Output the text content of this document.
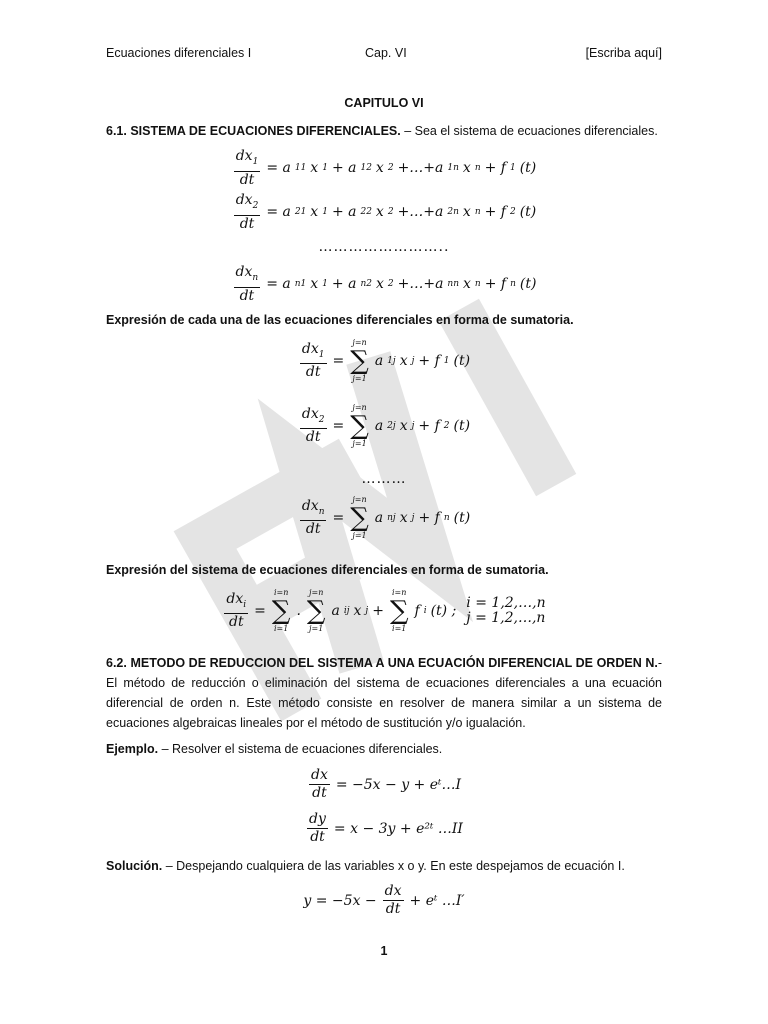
Ecuaciones diferenciales I	Cap. VI	[Escriba aquí]
CAPITULO VI
6.1. SISTEMA DE ECUACIONES DIFERENCIALES. – Sea el sistema de ecuaciones diferenciales.
$\frac{dx_1}{dt} = a$ 11 x 1 + a 12 x 2 +…+a 1n x n + f 1 (t)
$\frac{dx_2}{dt} = a$ 21 x 1 + a 22 x 2 +…+a 2n x n + f 2 (t)
……………………..
$\frac{dx_n}{dt} = a$ n1 x 1 + a n2 x 2 +…+a nn x n + f n (t)
Expresión de cada una de las ecuaciones diferenciales en forma de sumatoria.
$\frac{dx_1}{dt}$ =
j=n
∑
j=1
a 1j x j + f 1 (t)
$\frac{dx_2}{dt}$ =
j=n
∑
j=1
a 2j x j + f 2 (t)
………
$\frac{dx_n}{dt}$ =
j=n
∑
j=1
a nj x j + f n (t)
Expresión del sistema de ecuaciones diferenciales en forma de sumatoria.
$\frac{dx_i}{dt}$ =
i=n
∑
i=1
.
j=n
∑
j=1
a ij x j +
i=n
∑
i=1
f i (t) ; i = 1,2,…,n
j = 1,2,…,n
6.2. METODO DE REDUCCION DEL SISTEMA A UNA ECUACIÓN DIFERENCIAL DE ORDEN N.-El método de reducción o eliminación del sistema de ecuaciones diferenciales a una ecuación diferencial de orden n. Este método consiste en resolver de manera similar a un sistema de ecuaciones algebraicas lineales por el método de sustitución y/o igualación.
Ejemplo. – Resolver el sistema de ecuaciones diferenciales.
$\frac{dx}{dt} = -5x - y$ + eᵗ…I
$\frac{dy}{dt} = x - 3y$ + e²ᵗ …II
Solución. – Despejando cualquiera de las variables x o y. En este despejamos de ecuación I.
$y = -5x - \frac{dx}{dt}$ + eᵗ …I′
1
